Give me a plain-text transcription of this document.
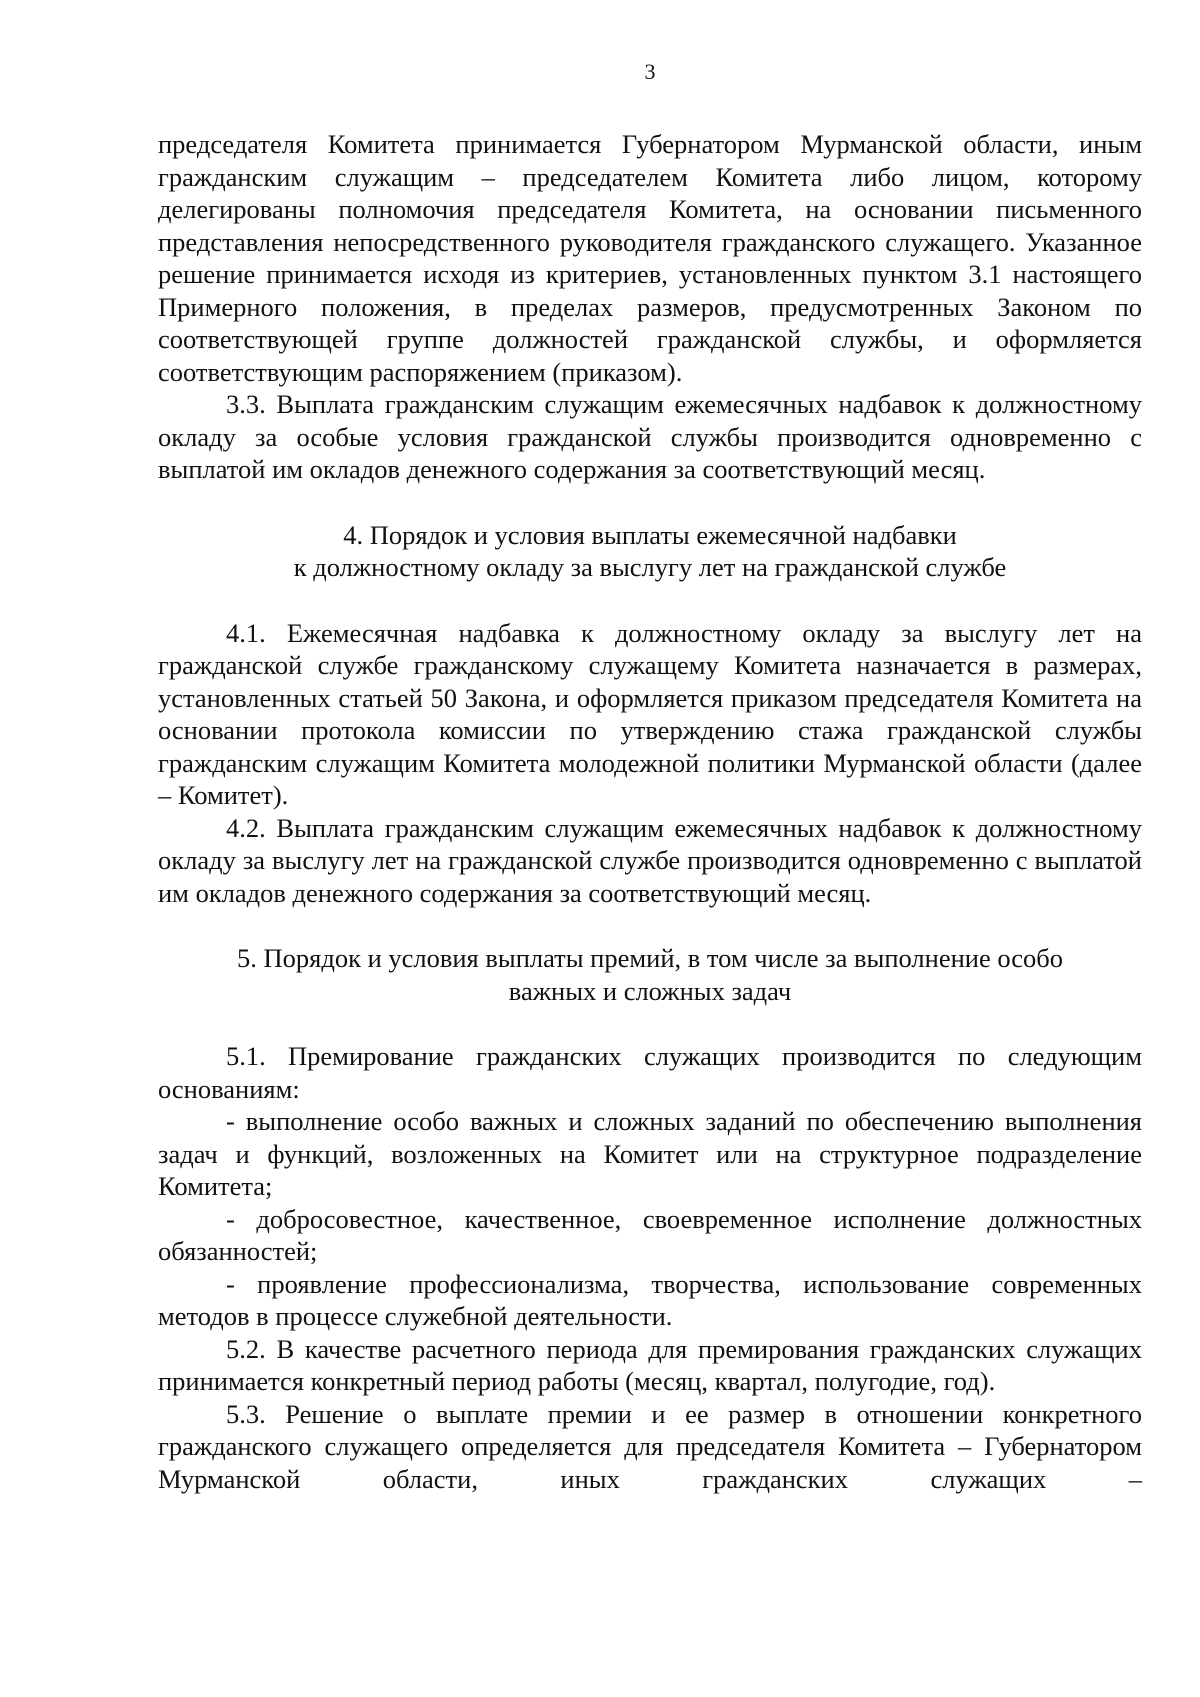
3

председателя Комитета принимается Губернатором Мурманской области, иным гражданским служащим – председателем Комитета либо лицом, которому делегированы полномочия председателя Комитета, на основании письменного представления непосредственного руководителя гражданского служащего. Указанное решение принимается исходя из критериев, установленных пунктом 3.1 настоящего Примерного положения, в пределах размеров, предусмотренных Законом по соответствующей группе должностей гражданской службы, и оформляется соответствующим распоряжением (приказом).

3.3. Выплата гражданским служащим ежемесячных надбавок к должностному окладу за особые условия гражданской службы производится одновременно с выплатой им окладов денежного содержания за соответствующий месяц.

4. Порядок и условия выплаты ежемесячной надбавки

к должностному окладу за выслугу лет на гражданской службе

4.1. Ежемесячная надбавка к должностному окладу за выслугу лет на гражданской службе гражданскому служащему Комитета назначается в размерах, установленных статьей 50 Закона, и оформляется приказом председателя Комитета на основании протокола комиссии по утверждению стажа гражданской службы гражданским служащим Комитета молодежной политики Мурманской области (далее – Комитет).

4.2. Выплата гражданским служащим ежемесячных надбавок к должностному окладу за выслугу лет на гражданской службе производится одновременно с выплатой им окладов денежного содержания за соответствующий месяц.

5. Порядок и условия выплаты премий, в том числе за выполнение особо

важных и сложных задач

5.1. Премирование гражданских служащих производится по следующим основаниям:

- выполнение особо важных и сложных заданий по обеспечению выполнения задач и функций, возложенных на Комитет или на структурное подразделение Комитета;

- добросовестное, качественное, своевременное исполнение должностных обязанностей;

- проявление профессионализма, творчества, использование современных методов в процессе служебной деятельности.

5.2. В качестве расчетного периода для премирования гражданских служащих принимается конкретный период работы (месяц, квартал, полугодие, год).

5.3. Решение о выплате премии и ее размер в отношении конкретного гражданского служащего определяется для председателя Комитета – Губернатором Мурманской области, иных гражданских служащих –
